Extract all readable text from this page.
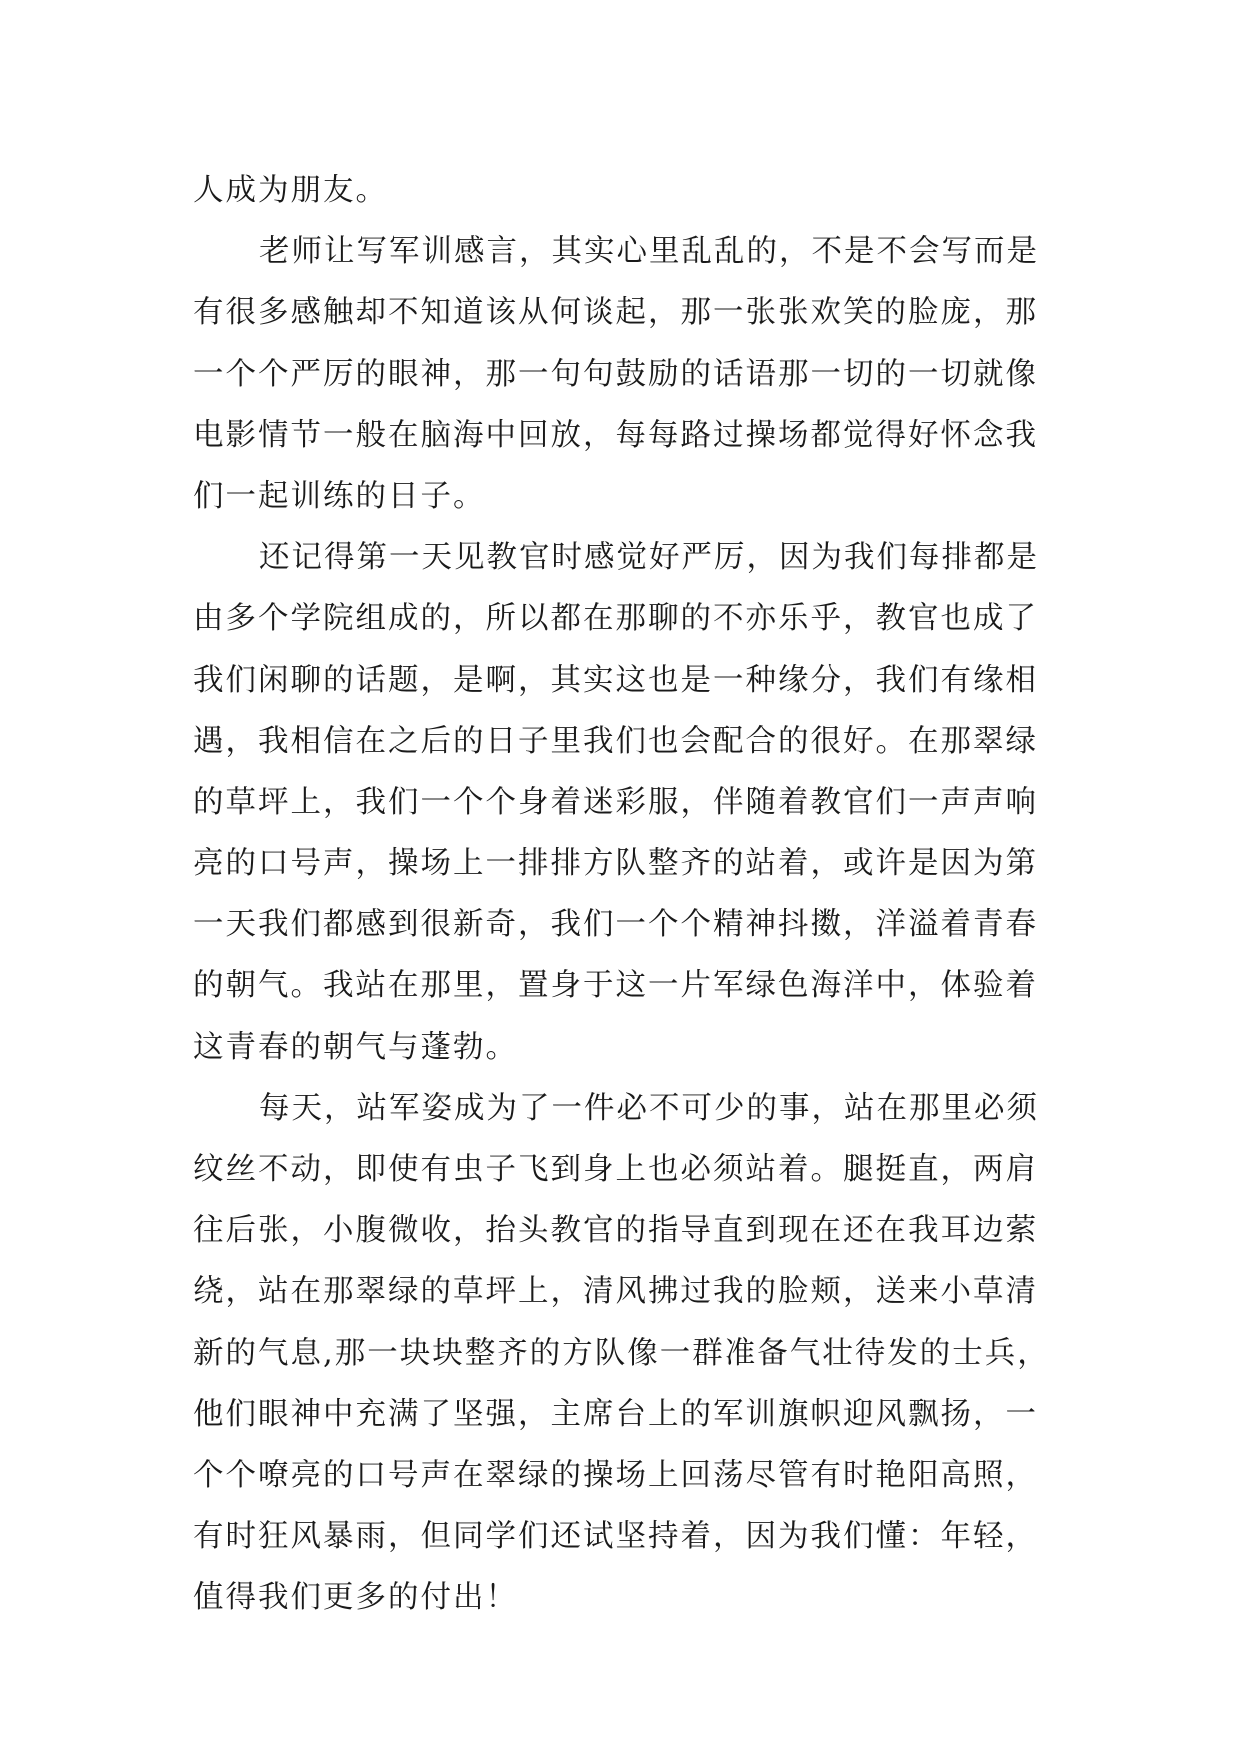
人成为朋友。
老师让写军训感言，其实心里乱乱的，不是不会写而是
有很多感触却不知道该从何谈起，那一张张欢笑的脸庞，那
一个个严厉的眼神，那一句句鼓励的话语那一切的一切就像
电影情节一般在脑海中回放，每每路过操场都觉得好怀念我
们一起训练的日子。
还记得第一天见教官时感觉好严厉，因为我们每排都是
由多个学院组成的，所以都在那聊的不亦乐乎，教官也成了
我们闲聊的话题，是啊，其实这也是一种缘分，我们有缘相
遇，我相信在之后的日子里我们也会配合的很好。在那翠绿
的草坪上，我们一个个身着迷彩服，伴随着教官们一声声响
亮的口号声，操场上一排排方队整齐的站着，或许是因为第
一天我们都感到很新奇，我们一个个精神抖擞，洋溢着青春
的朝气。我站在那里，置身于这一片军绿色海洋中，体验着
这青春的朝气与蓬勃。
每天，站军姿成为了一件必不可少的事，站在那里必须
纹丝不动，即使有虫子飞到身上也必须站着。腿挺直，两肩
往后张，小腹微收，抬头教官的指导直到现在还在我耳边萦
绕，站在那翠绿的草坪上，清风拂过我的脸颊，送来小草清
新的气息,那一块块整齐的方队像一群准备气壮待发的士兵，
他们眼神中充满了坚强，主席台上的军训旗帜迎风飘扬，一
个个嘹亮的口号声在翠绿的操场上回荡尽管有时艳阳高照，
有时狂风暴雨，但同学们还试坚持着，因为我们懂：年轻，
值得我们更多的付出！
